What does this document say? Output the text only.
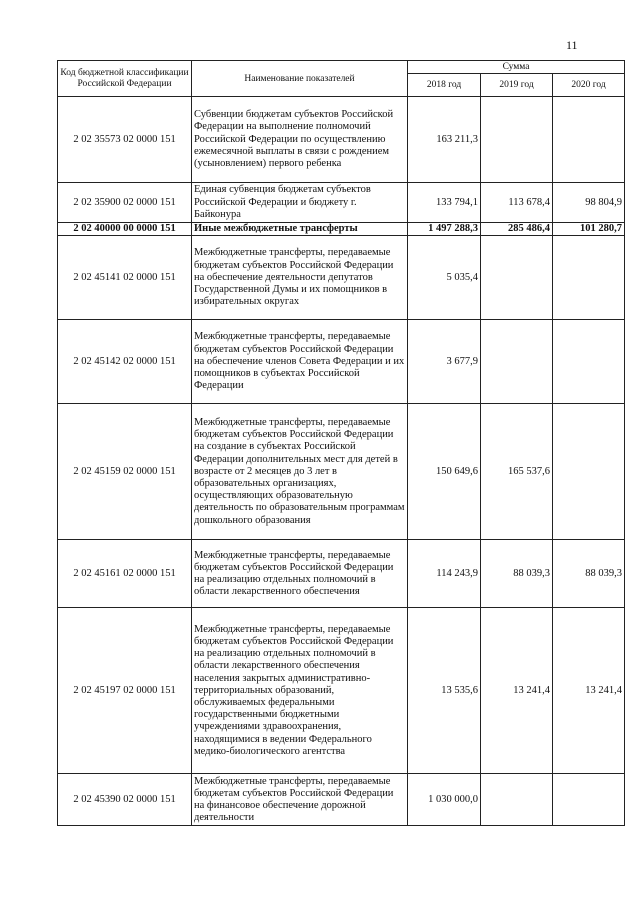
11
Код бюджетной классификации Российской Федерации	Наименование показателей	Сумма		
		2018 год	2019 год	2020 год
2 02 35573 02 0000 151	Субвенции бюджетам субъектов Российской Федерации на выполнение полномочий Российской Федерации по осуществлению ежемесячной выплаты в связи с рождением (усыновлением) первого ребенка	163 211,3		
2 02 35900 02 0000 151	Единая субвенция бюджетам субъектов Российской Федерации и бюджету г. Байконура	133 794,1	113 678,4	98 804,9
2 02 40000 00 0000 151	Иные межбюджетные трансферты	1 497 288,3	285 486,4	101 280,7
2 02 45141 02 0000 151	Межбюджетные трансферты, передаваемые бюджетам субъектов Российской Федерации на обеспечение деятельности депутатов Государственной Думы и их помощников в избирательных округах	5 035,4		
2 02 45142 02 0000 151	Межбюджетные трансферты, передаваемые бюджетам субъектов Российской Федерации на обеспечение членов Совета Федерации и их помощников в субъектах Российской Федерации	3 677,9		
2 02 45159 02 0000 151	Межбюджетные трансферты, передаваемые бюджетам субъектов Российской Федерации на создание в субъектах Российской Федерации дополнительных мест для детей в возрасте от 2 месяцев до 3 лет в образовательных организациях, осуществляющих образовательную деятельность по образовательным программам дошкольного образования	150 649,6	165 537,6	
2 02 45161 02 0000 151	Межбюджетные трансферты, передаваемые бюджетам субъектов Российской Федерации на реализацию отдельных полномочий в области лекарственного обеспечения	114 243,9	88 039,3	88 039,3
2 02 45197 02 0000 151	Межбюджетные трансферты, передаваемые бюджетам субъектов Российской Федерации на реализацию отдельных полномочий в области лекарственного обеспечения населения закрытых административно-территориальных образований, обслуживаемых федеральными государственными бюджетными учреждениями здравоохранения, находящимися в ведении Федерального медико-биологического агентства	13 535,6	13 241,4	13 241,4
2 02 45390 02 0000 151	Межбюджетные трансферты, передаваемые бюджетам субъектов Российской Федерации на финансовое обеспечение дорожной деятельности	1 030 000,0		
